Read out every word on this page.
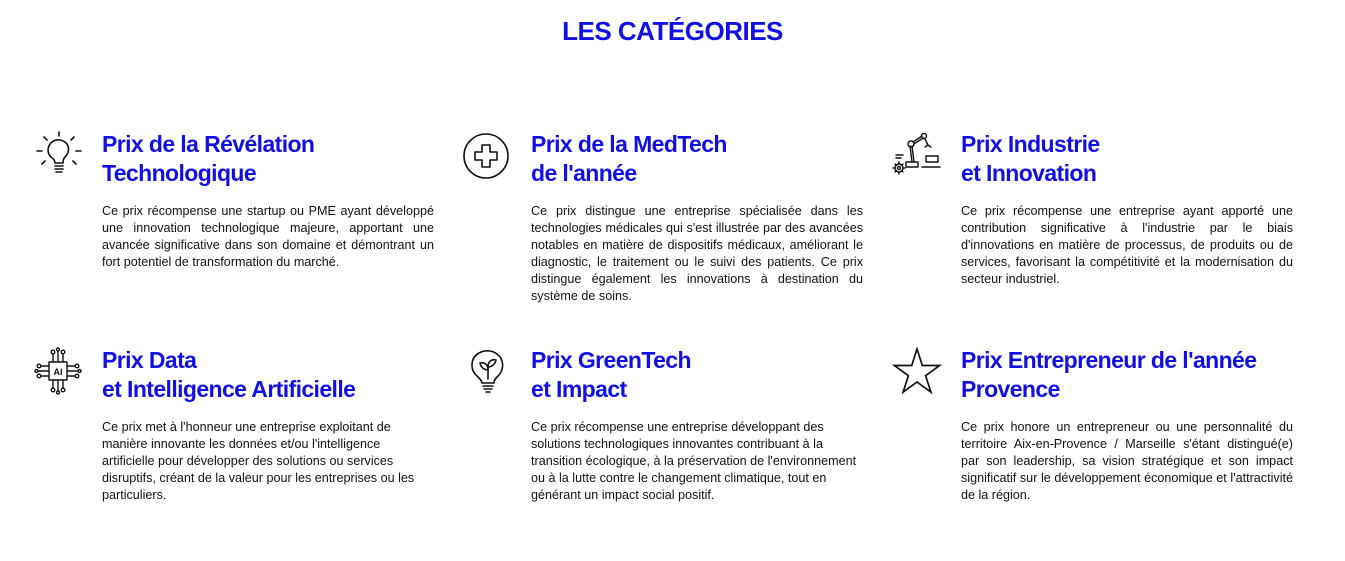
LES CATÉGORIES
Prix de la Révélation
Technologique

Ce prix récompense une startup ou PME ayant développé une innovation technologique majeure, apportant une avancée significative dans son domaine et démontrant un fort potentiel de transformation du marché.

Prix de la MedTech
de l'année

Ce prix distingue une entreprise spécialisée dans les technologies médicales qui s'est illustrée par des avancées notables en matière de dispositifs médicaux, améliorant le diagnostic, le traitement ou le suivi des patients. Ce prix distingue également les innovations à destination du système de soins.

Prix Industrie
et Innovation

Ce prix récompense une entreprise ayant apporté une contribution significative à l'industrie par le biais d'innovations en matière de processus, de produits ou de services, favorisant la compétitivité et la modernisation du secteur industriel.

AI Prix Data
et Intelligence Artificielle

Ce prix met à l'honneur une entreprise exploitant de manière innovante les données et/ou l'intelligence artificielle pour développer des solutions ou services disruptifs, créant de la valeur pour les entreprises ou les particuliers.

Prix GreenTech
et Impact

Ce prix récompense une entreprise développant des solutions technologiques innovantes contribuant à la transition écologique, à la préservation de l'environnement ou à la lutte contre le changement climatique, tout en générant un impact social positif.

Prix Entrepreneur de l'année
Provence

Ce prix honore un entrepreneur ou une personnalité du territoire Aix-en-Provence / Marseille s'étant distingué(e) par son leadership, sa vision stratégique et son impact significatif sur le développement économique et l'attractivité de la région.
